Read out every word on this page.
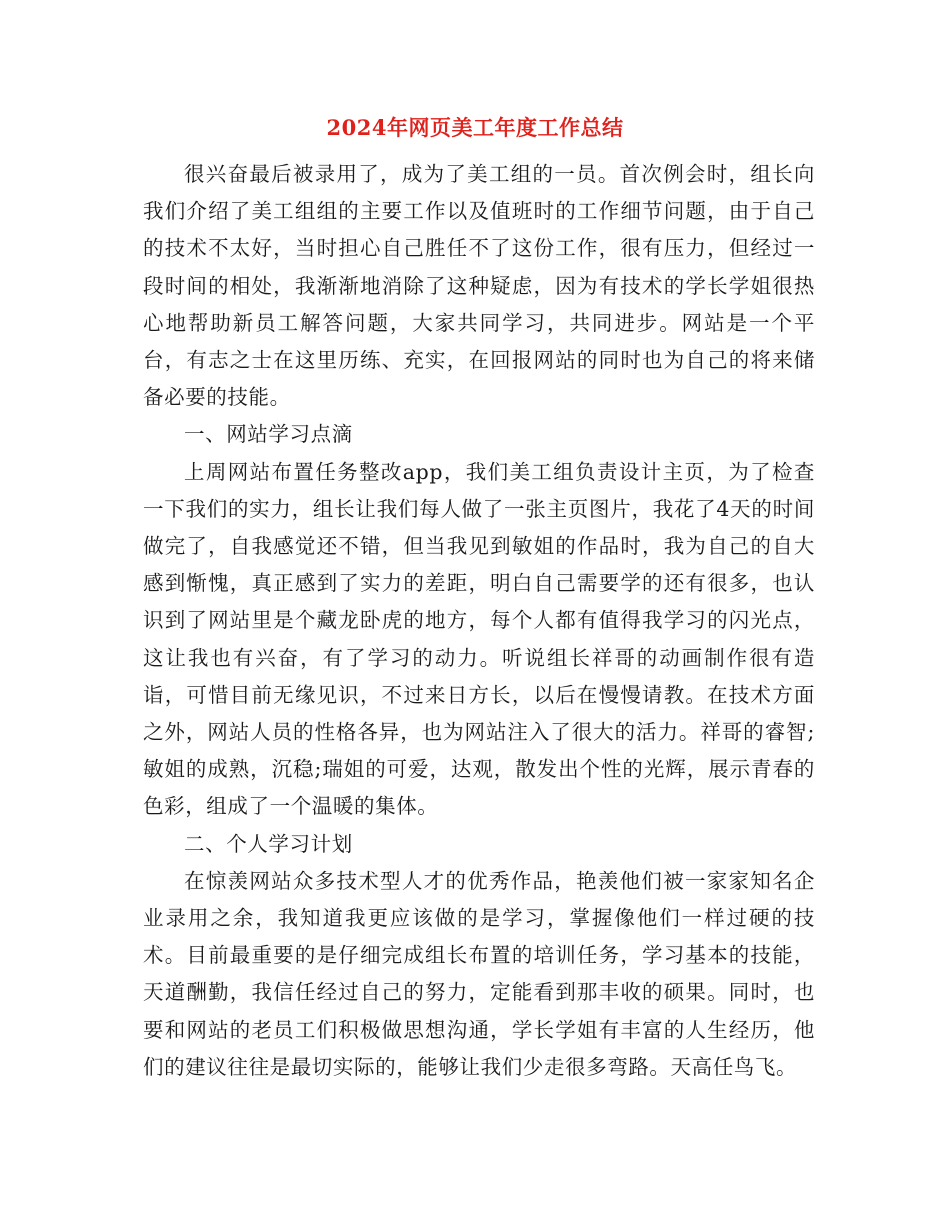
2024年网页美工年度工作总结

很兴奋最后被录用了，成为了美工组的一员。首次例会时，组长向我们介绍了美工组组的主要工作以及值班时的工作细节问题，由于自己的技术不太好，当时担心自己胜任不了这份工作，很有压力，但经过一段时间的相处，我渐渐地消除了这种疑虑，因为有技术的学长学姐很热心地帮助新员工解答问题，大家共同学习，共同进步。网站是一个平台，有志之士在这里历练、充实，在回报网站的同时也为自己的将来储备必要的技能。

一、网站学习点滴

上周网站布置任务整改app，我们美工组负责设计主页，为了检查一下我们的实力，组长让我们每人做了一张主页图片，我花了4天的时间做完了，自我感觉还不错，但当我见到敏姐的作品时，我为自己的自大感到惭愧，真正感到了实力的差距，明白自己需要学的还有很多，也认识到了网站里是个藏龙卧虎的地方，每个人都有值得我学习的闪光点，这让我也有兴奋，有了学习的动力。听说组长祥哥的动画制作很有造诣，可惜目前无缘见识，不过来日方长，以后在慢慢请教。在技术方面之外，网站人员的性格各异，也为网站注入了很大的活力。祥哥的睿智;敏姐的成熟，沉稳;瑞姐的可爱，达观，散发出个性的光辉，展示青春的色彩，组成了一个温暖的集体。

二、个人学习计划

在惊羡网站众多技术型人才的优秀作品，艳羡他们被一家家知名企业录用之余，我知道我更应该做的是学习，掌握像他们一样过硬的技术。目前最重要的是仔细完成组长布置的培训任务，学习基本的技能，天道酬勤，我信任经过自己的努力，定能看到那丰收的硕果。同时，也要和网站的老员工们积极做思想沟通，学长学姐有丰富的人生经历，他们的建议往往是最切实际的，能够让我们少走很多弯路。天高任鸟飞。
